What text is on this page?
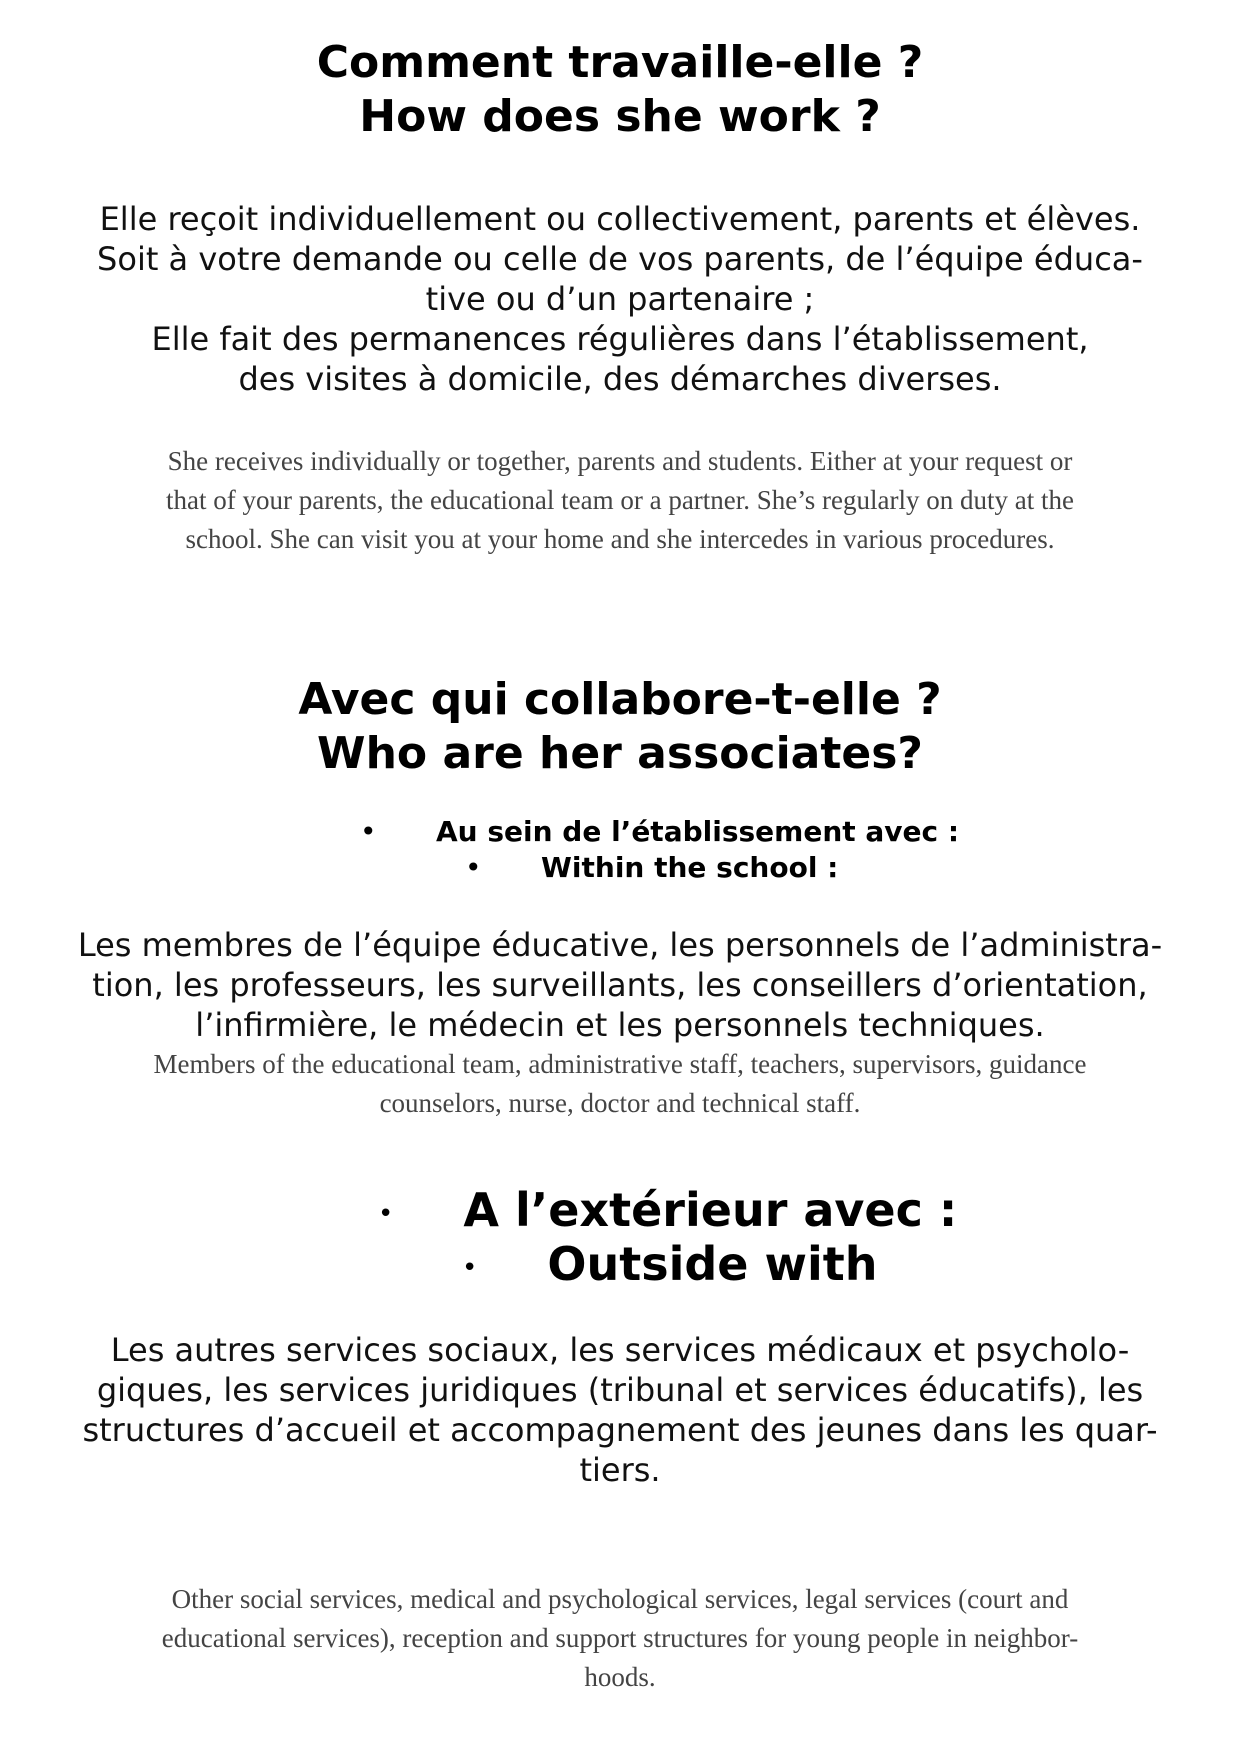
Comment travaille-elle ?
How does she work ?

Elle reçoit individuellement ou collectivement, parents et élèves.
Soit à votre demande ou celle de vos parents, de l’équipe éduca-
tive ou d’un partenaire ;
Elle fait des permanences régulières dans l’établissement,
des visites à domicile, des démarches diverses.

She receives individually or together, parents and students. Either at your request or
that of your parents, the educational team or a partner. She’s regularly on duty at the
school. She can visit you at your home and she intercedes in various procedures.

Avec qui collabore-t-elle ?
Who are her associates?
• Au sein de l’établissement avec :
• Within the school :

Les membres de l’équipe éducative, les personnels de l’administra-
tion, les professeurs, les surveillants, les conseillers d’orientation,
l’infirmière, le médecin et les personnels techniques.

Members of the educational team, administrative staff, teachers, supervisors, guidance
counselors, nurse, doctor and technical staff.

• A l’extérieur avec :
• Outside with

Les autres services sociaux, les services médicaux et psycholo-
giques, les services juridiques (tribunal et services éducatifs), les
structures d’accueil et accompagnement des jeunes dans les quar-
tiers.

Other social services, medical and psychological services, legal services (court and
educational services), reception and support structures for young people in neighbor-
hoods.
